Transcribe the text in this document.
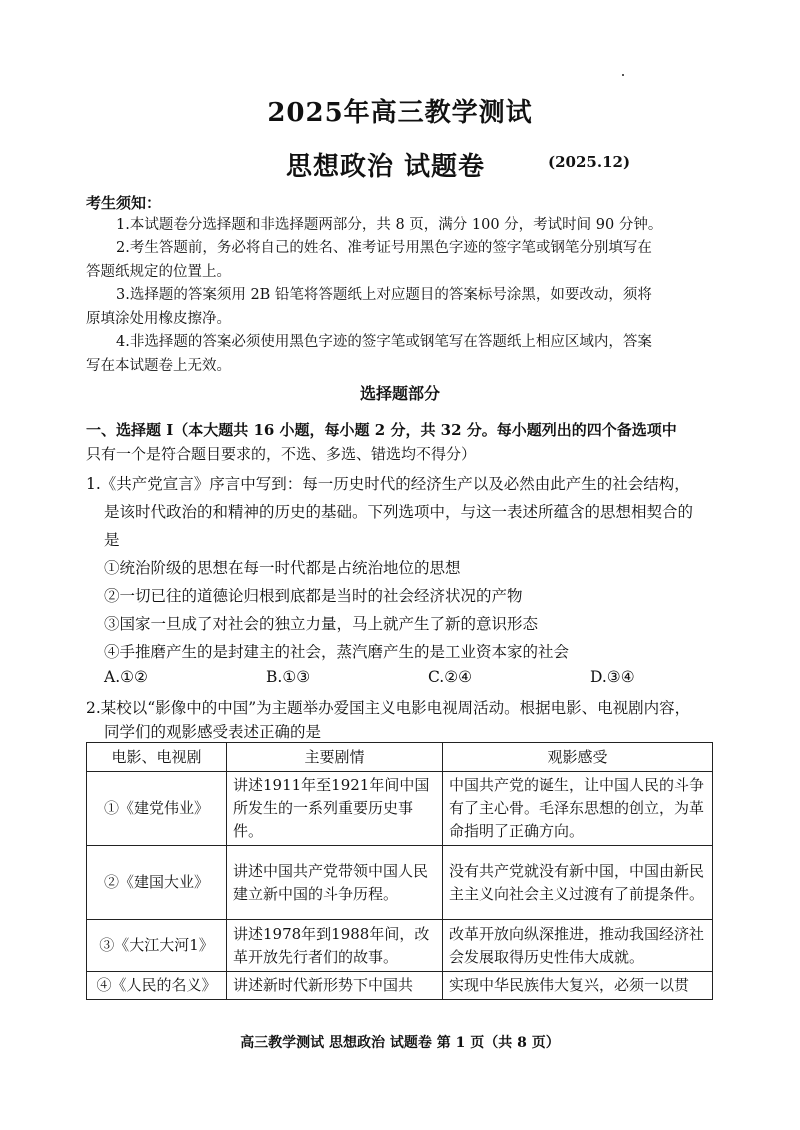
2025年高三教学测试
思想政治 试题卷	(2025.12)
考生须知：
1.本试题卷分选择题和非选择题两部分，共 8 页，满分 100 分，考试时间 90 分钟。
2.考生答题前，务必将自己的姓名、准考证号用黑色字迹的签字笔或钢笔分别填写在
答题纸规定的位置上。
3.选择题的答案须用 2B 铅笔将答题纸上对应题目的答案标号涂黑，如要改动，须将
原填涂处用橡皮擦净。
4.非选择题的答案必须使用黑色字迹的签字笔或钢笔写在答题纸上相应区域内，答案
写在本试题卷上无效。
选择题部分
一、选择题 Ⅰ（本大题共 16 小题，每小题 2 分，共 32 分。每小题列出的四个备选项中
只有一个是符合题目要求的，不选、多选、错选均不得分）
1.《共产党宣言》序言中写到：每一历史时代的经济生产以及必然由此产生的社会结构，
是该时代政治的和精神的历史的基础。下列选项中，与这一表述所蕴含的思想相契合的
是
①统治阶级的思想在每一时代都是占统治地位的思想
②一切已往的道德论归根到底都是当时的社会经济状况的产物
③国家一旦成了对社会的独立力量，马上就产生了新的意识形态
④手推磨产生的是封建主的社会，蒸汽磨产生的是工业资本家的社会
A.①②	B.①③	C.②④	D.③④
2.某校以“影像中的中国”为主题举办爱国主义电影电视周活动。根据电影、电视剧内容，
同学们的观影感受表述正确的是
电影、电视剧	主要剧情	观影感受
①《建党伟业》	讲述1911年至1921年间中国所发生的一系列重要历史事件。	中国共产党的诞生，让中国人民的斗争有了主心骨。毛泽东思想的创立，为革命指明了正确方向。
②《建国大业》	讲述中国共产党带领中国人民建立新中国的斗争历程。	没有共产党就没有新中国，中国由新民主主义向社会主义过渡有了前提条件。
③《大江大河1》	讲述1978年到1988年间，改革开放先行者们的故事。	改革开放向纵深推进，推动我国经济社会发展取得历史性伟大成就。
④《人民的名义》	讲述新时代新形势下中国共	实现中华民族伟大复兴，必须一以贯
高三教学测试 思想政治 试题卷 第 1 页（共 8 页）
